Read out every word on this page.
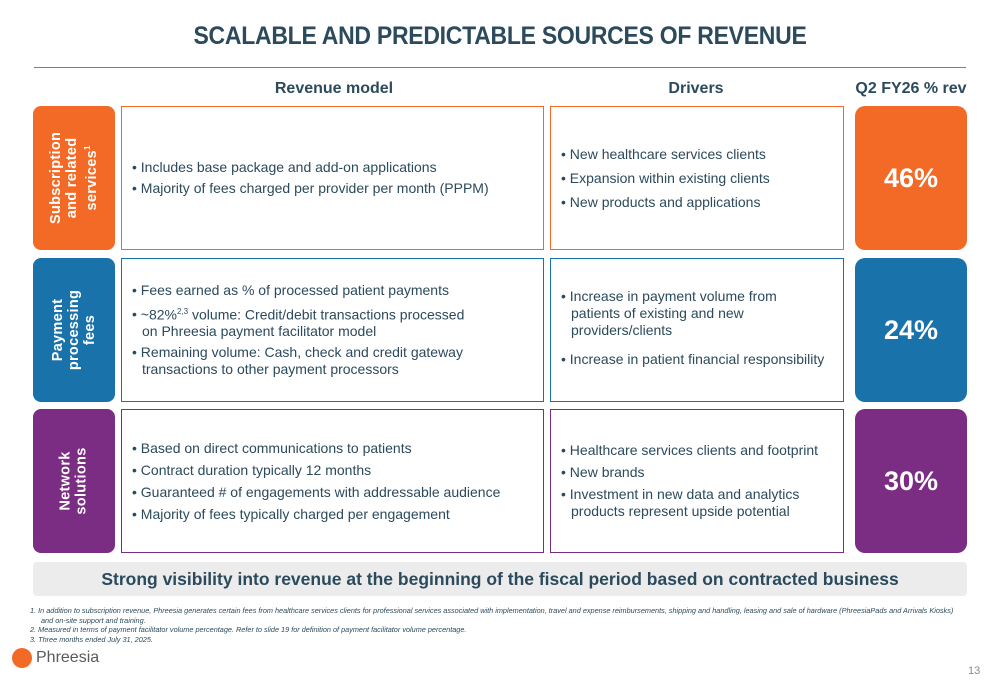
SCALABLE AND PREDICTABLE SOURCES OF REVENUE
Revenue model	Drivers	Q2 FY26 % rev
Subscription and related services$^1$
• Includes base package and add-on applications
• Majority of fees charged per provider per month (PPPM)
• New healthcare services clients
• Expansion within existing clients
• New products and applications
46%
Payment processing fees
• Fees earned as % of processed patient payments
• ~82%$^{2,3}$ volume: Credit/debit transactions processed on Phreesia payment facilitator model
• Remaining volume: Cash, check and credit gateway transactions to other payment processors
• Increase in payment volume from patients of existing and new providers/clients
• Increase in patient financial responsibility
24%
Network solutions
•	Based on direct communications to patients
• Contract duration typically 12 months
• Guaranteed # of engagements with addressable audience
• Majority of fees typically charged per engagement
• Healthcare services clients and footprint
• New brands
• Investment in new data and analytics products represent upside potential
30%
Strong visibility into revenue at the beginning of the fiscal period based on contracted business
1. In addition to subscription revenue, Phreesia generates certain fees from healthcare services clients for professional services associated with implementation, travel and expense reimbursements, shipping and handling, leasing and sale of hardware (PhreesiaPads and Arrivals Kiosks)
and on-site support and training.
2. Measured in terms of payment facilitator volume percentage. Refer to slide 19 for definition of payment facilitator volume percentage.
3. Three months ended July 31, 2025.
Phreesia
13
